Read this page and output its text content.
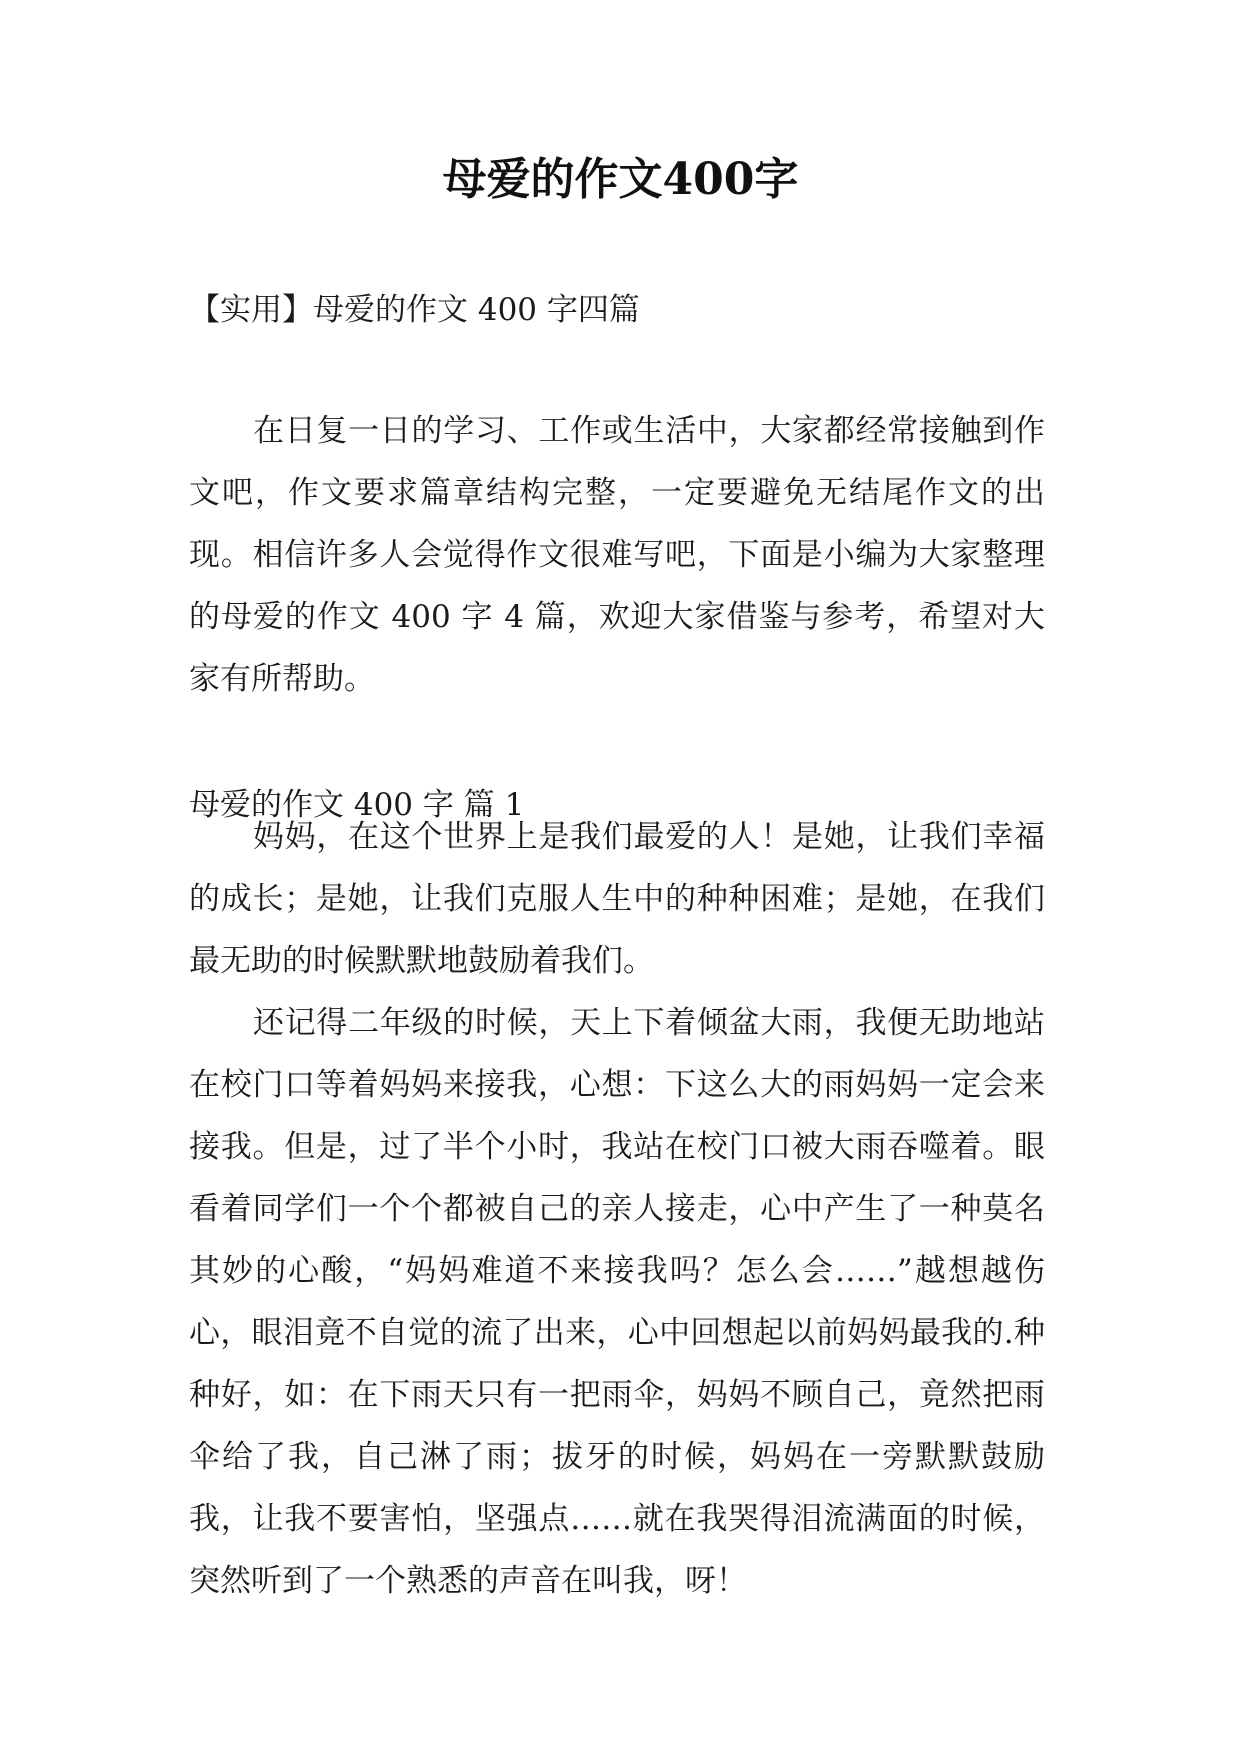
母爱的作文400字
【实用】母爱的作文 400 字四篇

在日复一日的学习、工作或生活中，大家都经常接触到作文吧，作文要求篇章结构完整，一定要避免无结尾作文的出现。相信许多人会觉得作文很难写吧，下面是小编为大家整理的母爱的作文 400 字 4 篇，欢迎大家借鉴与参考，希望对大家有所帮助。

母爱的作文 400 字 篇 1

妈妈，在这个世界上是我们最爱的人！是她，让我们幸福的成长；是她，让我们克服人生中的种种困难；是她，在我们最无助的时候默默地鼓励着我们。

还记得二年级的时候，天上下着倾盆大雨，我便无助地站在校门口等着妈妈来接我，心想：下这么大的雨妈妈一定会来接我。但是，过了半个小时，我站在校门口被大雨吞噬着。眼看着同学们一个个都被自己的亲人接走，心中产生了一种莫名其妙的心酸，“妈妈难道不来接我吗？怎么会……”越想越伤心，眼泪竟不自觉的流了出来，心中回想起以前妈妈最我的.种种好，如：在下雨天只有一把雨伞，妈妈不顾自己，竟然把雨伞给了我，自己淋了雨；拔牙的时候，妈妈在一旁默默鼓励我，让我不要害怕，坚强点……就在我哭得泪流满面的时候，突然听到了一个熟悉的声音在叫我，呀！
